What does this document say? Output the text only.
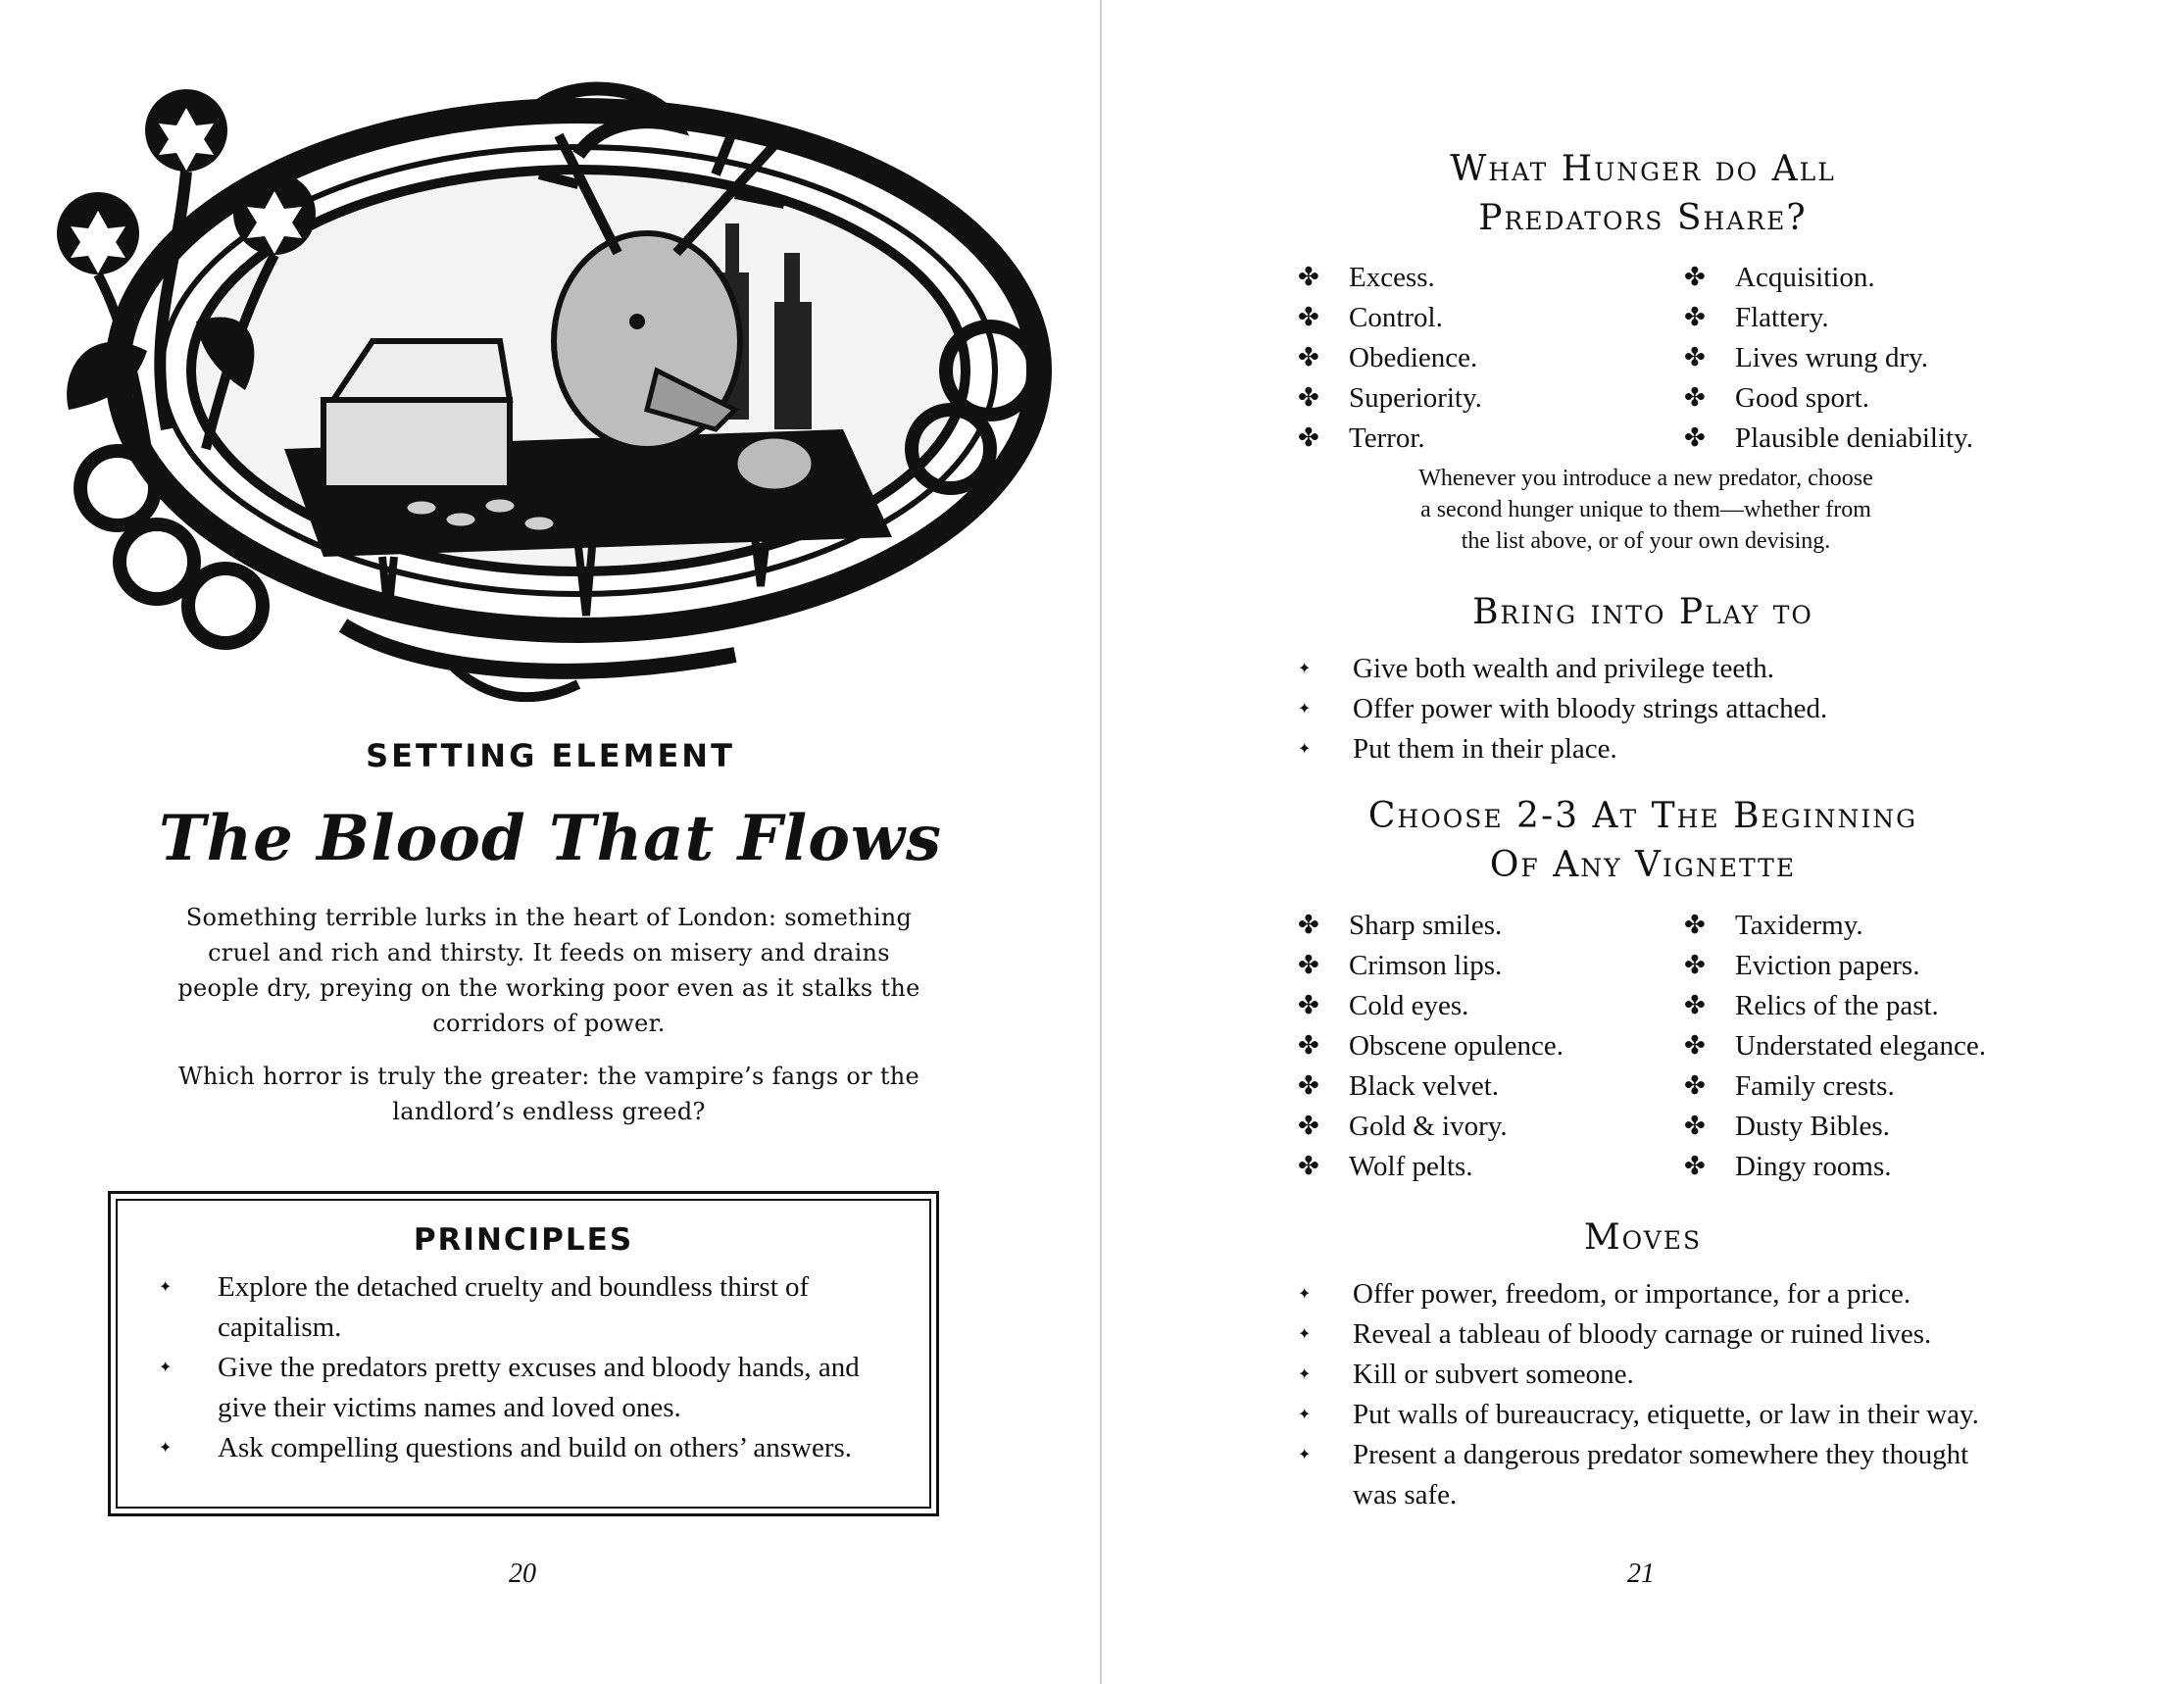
SETTING ELEMENT
The Blood That Flows

Something terrible lurks in the heart of London: something cruel and rich and thirsty. It feeds on misery and drains people dry, preying on the working poor even as it stalks the corridors of power.

Which horror is truly the greater: the vampire’s fangs or the landlord’s endless greed?

PRINCIPLES
✦ Explore the detached cruelty and boundless thirst of capitalism.
✦ Give the predators pretty excuses and bloody hands, and give their victims names and loved ones.
✦ Ask compelling questions and build on others’ answers.
20
What Hunger do All
Predators Share?
✤ Excess.
✤ Control.
✤ Obedience.
✤ Superiority.
✤ Terror.
✤ Acquisition.
✤ Flattery.
✤ Lives wrung dry.
✤ Good sport.
✤ Plausible deniability.
Whenever you introduce a new predator, choose
a second hunger unique to them—whether from
the list above, or of your own devising.
Bring into Play to
✦ Give both wealth and privilege teeth.
✦ Offer power with bloody strings attached.
✦ Put them in their place.
Choose 2-3 At The Beginning
Of Any Vignette
✤ Sharp smiles.
✤ Crimson lips.
✤ Cold eyes.
✤ Obscene opulence.
✤ Black velvet.
✤ Gold & ivory.
✤ Wolf pelts.
✤ Taxidermy.
✤ Eviction papers.
✤ Relics of the past.
✤ Understated elegance.
✤ Family crests.
✤ Dusty Bibles.
✤ Dingy rooms.
Moves
✦ Offer power, freedom, or importance, for a price.
✦ Reveal a tableau of bloody carnage or ruined lives.
✦ Kill or subvert someone.
✦ Put walls of bureaucracy, etiquette, or law in their way.
✦ Present a dangerous predator somewhere they thought was safe.
21
